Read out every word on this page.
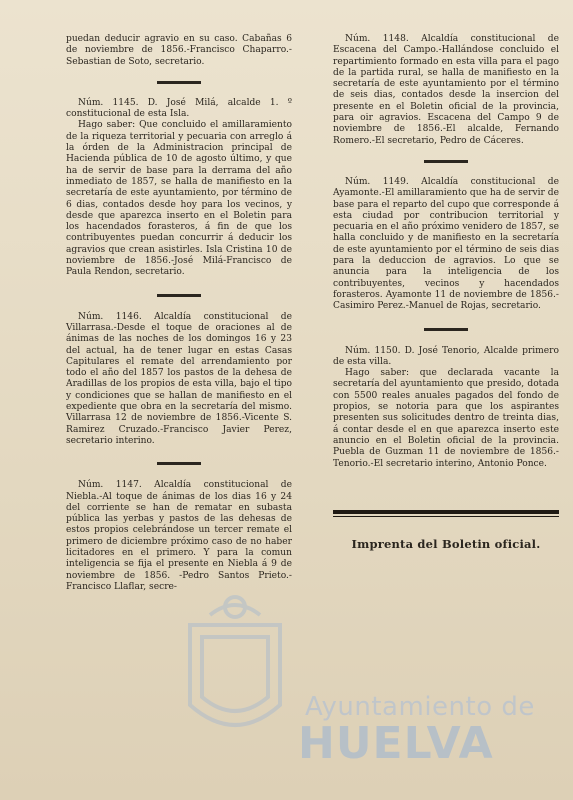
puedan deducir agravio en su caso. Cabañas 6 de noviembre de 1856.-Francisco Chaparro.-Sebastian de Soto, secretario.

Núm. 1145. D. José Milá, alcalde 1. º constitucional de esta Isla.

Hago saber: Que concluido el amillaramiento de la riqueza territorial y pecuaria con arreglo á la órden de la Administracion principal de Hacienda pública de 10 de agosto último, y que ha de servir de base para la derrama del año inmediato de 1857, se halla de manifiesto en la secretaría de este ayuntamiento, por término de 6 dias, contados desde hoy para los vecinos, y desde que aparezca inserto en el Boletin para los hacendados forasteros, á fin de que los contribuyentes puedan concurrir á deducir los agravios que crean asistirles. Isla Cristina 10 de noviembre de 1856.-José Milá-Francisco de Paula Rendon, secretario.

Núm. 1146. Alcaldía constitucional de Villarrasa.-Desde el toque de oraciones al de ánimas de las noches de los domingos 16 y 23 del actual, ha de tener lugar en estas Casas Capitulares el remate del arrendamiento por todo el año del 1857 los pastos de la dehesa de Aradillas de los propios de esta villa, bajo el tipo y condiciones que se hallan de manifiesto en el expediente que obra en la secretaría del mismo. Villarrasa 12 de noviembre de 1856.-Vicente S. Ramirez Cruzado.-Francisco Javier Perez, secretario interino.

Núm. 1147. Alcaldía constitucional de Niebla.-Al toque de ánimas de los dias 16 y 24 del corriente se han de rematar en subasta pública las yerbas y pastos de las dehesas de estos propios celebrándose un tercer remate el primero de diciembre próximo caso de no haber licitadores en el primero. Y para la comun inteligencia se fija el presente en Niebla á 9 de noviembre de 1856. -Pedro Santos Prieto.-Francisco Llaflar, secre-

Núm. 1148. Alcaldía constitucional de Escacena del Campo.-Hallándose concluido el repartimiento formado en esta villa para el pago de la partida rural, se halla de manifiesto en la secretaría de este ayuntamiento por el término de seis dias, contados desde la insercion del presente en el Boletin oficial de la provincia, para oir agravios. Escacena del Campo 9 de noviembre de 1856.-El alcalde, Fernando Romero.-El secretario, Pedro de Cáceres.

Núm. 1149. Alcaldía constitucional de Ayamonte.-El amillaramiento que ha de servir de base para el reparto del cupo que corresponde á esta ciudad por contribucion territorial y pecuaria en el año próximo venidero de 1857, se halla concluido y de manifiesto en la secretaría de este ayuntamiento por el término de seis dias para la deduccion de agravios. Lo que se anuncia para la inteligencia de los contribuyentes, vecinos y hacendados forasteros. Ayamonte 11 de noviembre de 1856.-Casimiro Perez.-Manuel de Rojas, secretario.

Núm. 1150. D. José Tenorio, Alcalde primero de esta villa.

Hago saber: que declarada vacante la secretaría del ayuntamiento que presido, dotada con 5500 reales anuales pagados del fondo de propios, se notoria para que los aspirantes presenten sus solicitudes dentro de treinta dias, á contar desde el en que aparezca inserto este anuncio en el Boletin oficial de la provincia. Puebla de Guzman 11 de noviembre de 1856.-Tenorio.-El secretario interino, Antonio Ponce.

Imprenta del Boletin oficial.
Ayuntamiento de
HUELVA
